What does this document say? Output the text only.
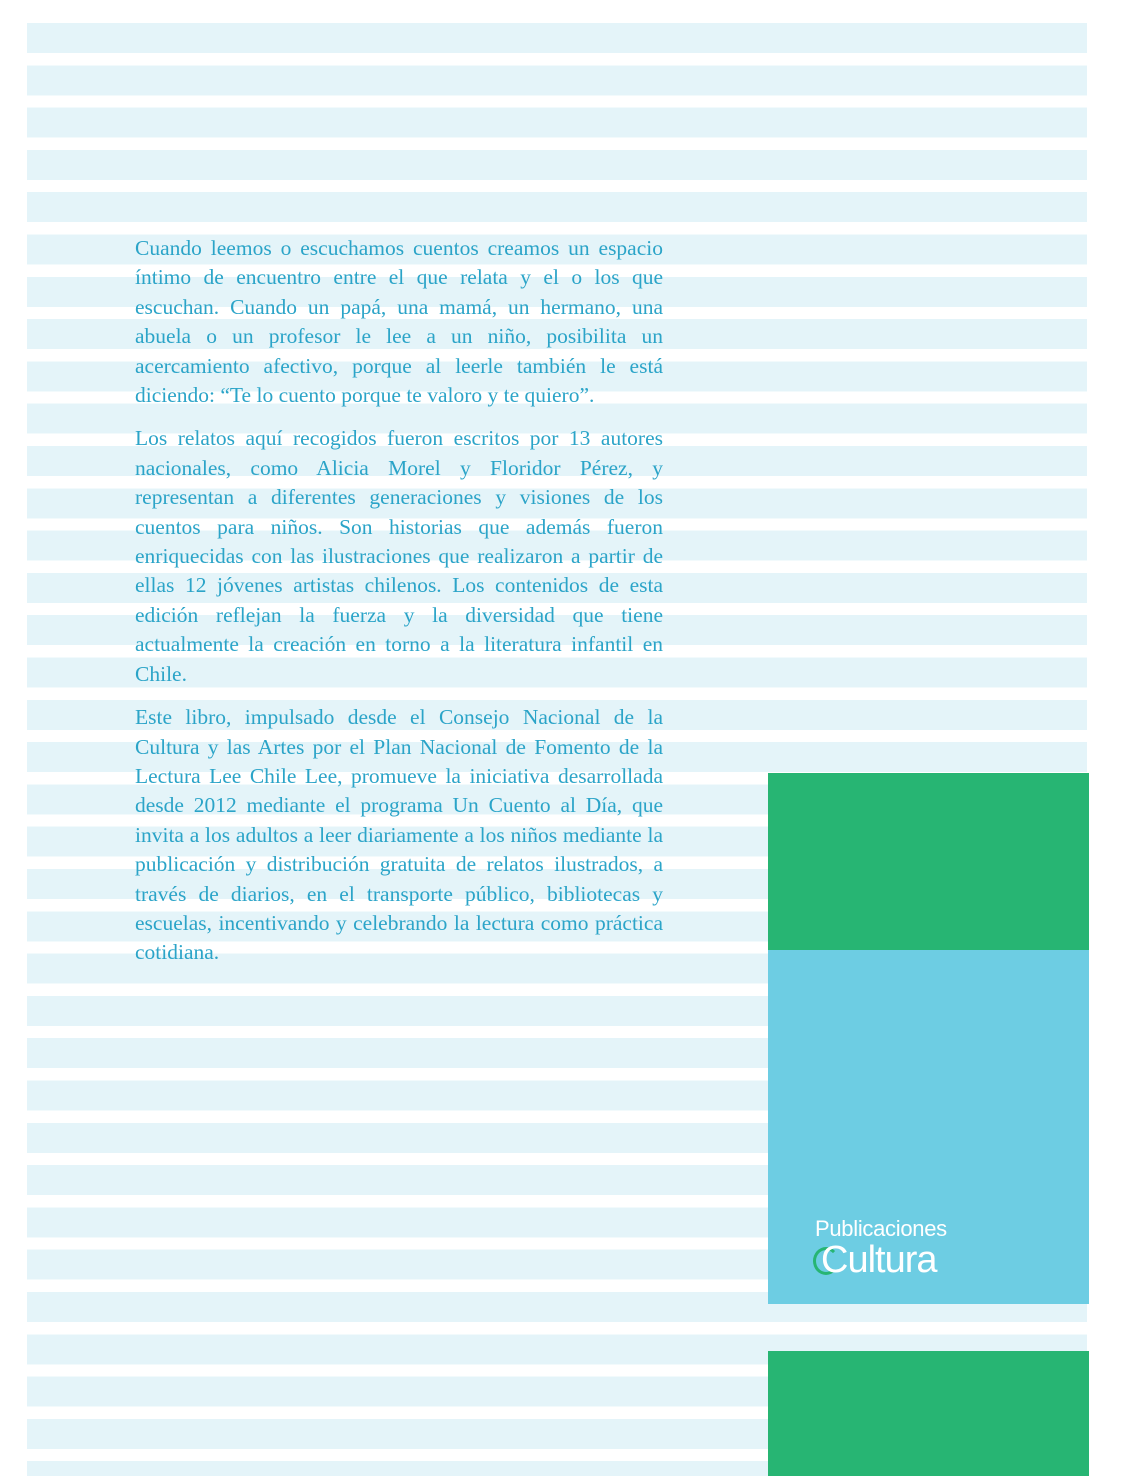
Cuando leemos o escuchamos cuentos creamos un espacio íntimo de encuentro entre el que relata y el o los que escuchan. Cuando un papá, una mamá, un hermano, una abuela o un profesor le lee a un niño, posibilita un acercamiento afectivo, porque al leerle también le está diciendo: “Te lo cuento porque te valoro y te quiero”.

Los relatos aquí recogidos fueron escritos por 13 autores nacionales, como Alicia Morel y Floridor Pérez, y representan a diferentes generaciones y visiones de los cuentos para niños. Son historias que además fueron enriquecidas con las ilustraciones que realizaron a partir de ellas 12 jóvenes artistas chilenos. Los contenidos de esta edición reflejan la fuerza y la diversidad que tiene actualmente la creación en torno a la literatura infantil en Chile.

Este libro, impulsado desde el Consejo Nacional de la Cultura y las Artes por el Plan Nacional de Fomento de la Lectura Lee Chile Lee, promueve la iniciativa desarrollada desde 2012 mediante el programa Un Cuento al Día, que invita a los adultos a leer diariamente a los niños mediante la publicación y distribución gratuita de relatos ilustrados, a través de diarios, en el transporte público, bibliotecas y escuelas, incentivando y celebrando la lectura como práctica cotidiana.

Publicaciones
Cultura
